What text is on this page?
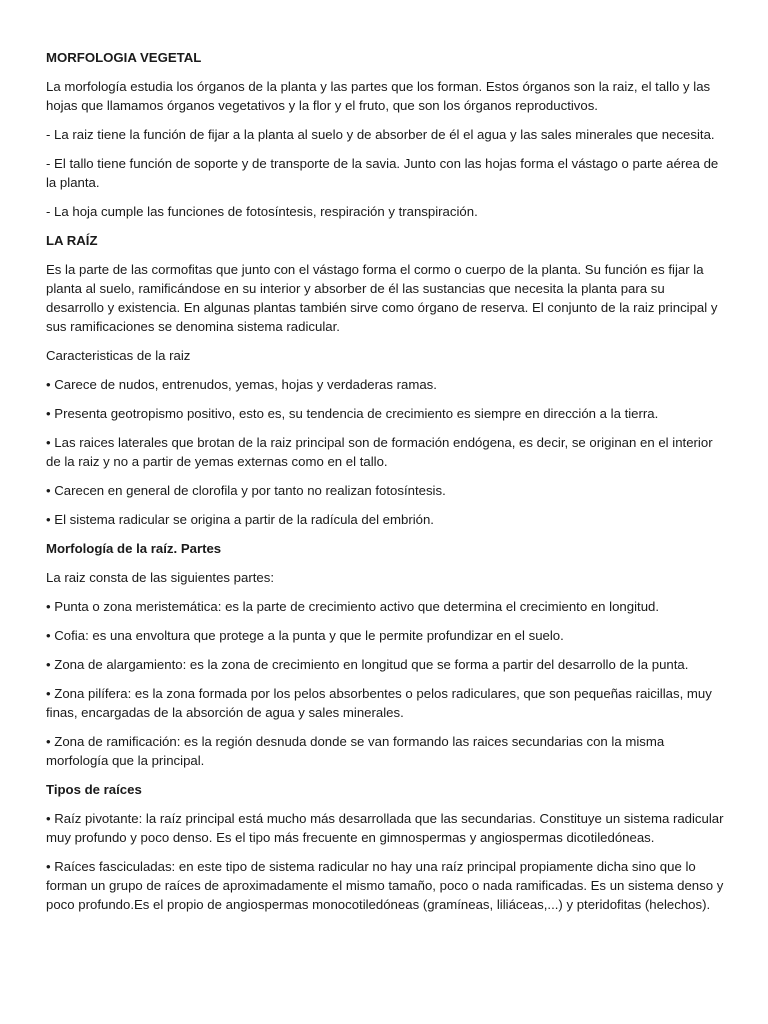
MORFOLOGIA VEGETAL

La morfología estudia los órganos de la planta y las partes que los forman. Estos órganos son la raiz, el tallo y las hojas que llamamos órganos vegetativos y la flor y el fruto, que son los órganos reproductivos.

- La raiz tiene la función de fijar a la planta al suelo y de absorber de él el agua y las sales minerales que necesita.

- El tallo tiene función de soporte y de transporte de la savia. Junto con las hojas forma el vástago o parte aérea de la planta.

- La hoja cumple las funciones de fotosíntesis, respiración y transpiración.

LA RAÍZ

Es la parte de las cormofitas que junto con el vástago forma el cormo o cuerpo de la planta. Su función es fijar la planta al suelo, ramificándose en su interior y absorber de él las sustancias que necesita la planta para su desarrollo y existencia. En algunas plantas también sirve como órgano de reserva. El conjunto de la raiz principal y sus ramificaciones se denomina sistema radicular.

Caracteristicas de la raiz

• Carece de nudos, entrenudos, yemas, hojas y verdaderas ramas.

• Presenta geotropismo positivo, esto es, su tendencia de crecimiento es siempre en dirección a la tierra.

• Las raices laterales que brotan de la raiz principal son de formación endógena, es decir, se originan en el interior de la raiz y no a partir de yemas externas como en el tallo.

• Carecen en general de clorofila y por tanto no realizan fotosíntesis.

• El sistema radicular se origina a partir de la radícula del embrión.

Morfología de la raíz. Partes

La raiz consta de las siguientes partes:

• Punta o zona meristemática: es la parte de crecimiento activo que determina el crecimiento en longitud.

• Cofia: es una envoltura que protege a la punta y que le permite profundizar en el suelo.

• Zona de alargamiento: es la zona de crecimiento en longitud que se forma a partir del desarrollo de la punta.

• Zona pilífera: es la zona formada por los pelos absorbentes o pelos radiculares, que son pequeñas raicillas, muy finas, encargadas de la absorción de agua y sales minerales.

• Zona de ramificación: es la región desnuda donde se van formando las raices secundarias con la misma morfología que la principal.

Tipos de raíces

• Raíz pivotante: la raíz principal está mucho más desarrollada que las secundarias. Constituye un sistema radicular muy profundo y poco denso. Es el tipo más frecuente en gimnospermas y angiospermas dicotiledóneas.

• Raíces fasciculadas: en este tipo de sistema radicular no hay una raíz principal propiamente dicha sino que lo forman un grupo de raíces de aproximadamente el mismo tamaño, poco o nada ramificadas. Es un sistema denso y poco profundo.Es el propio de angiospermas monocotiledóneas (gramíneas, liliáceas,...) y pteridofitas (helechos).
